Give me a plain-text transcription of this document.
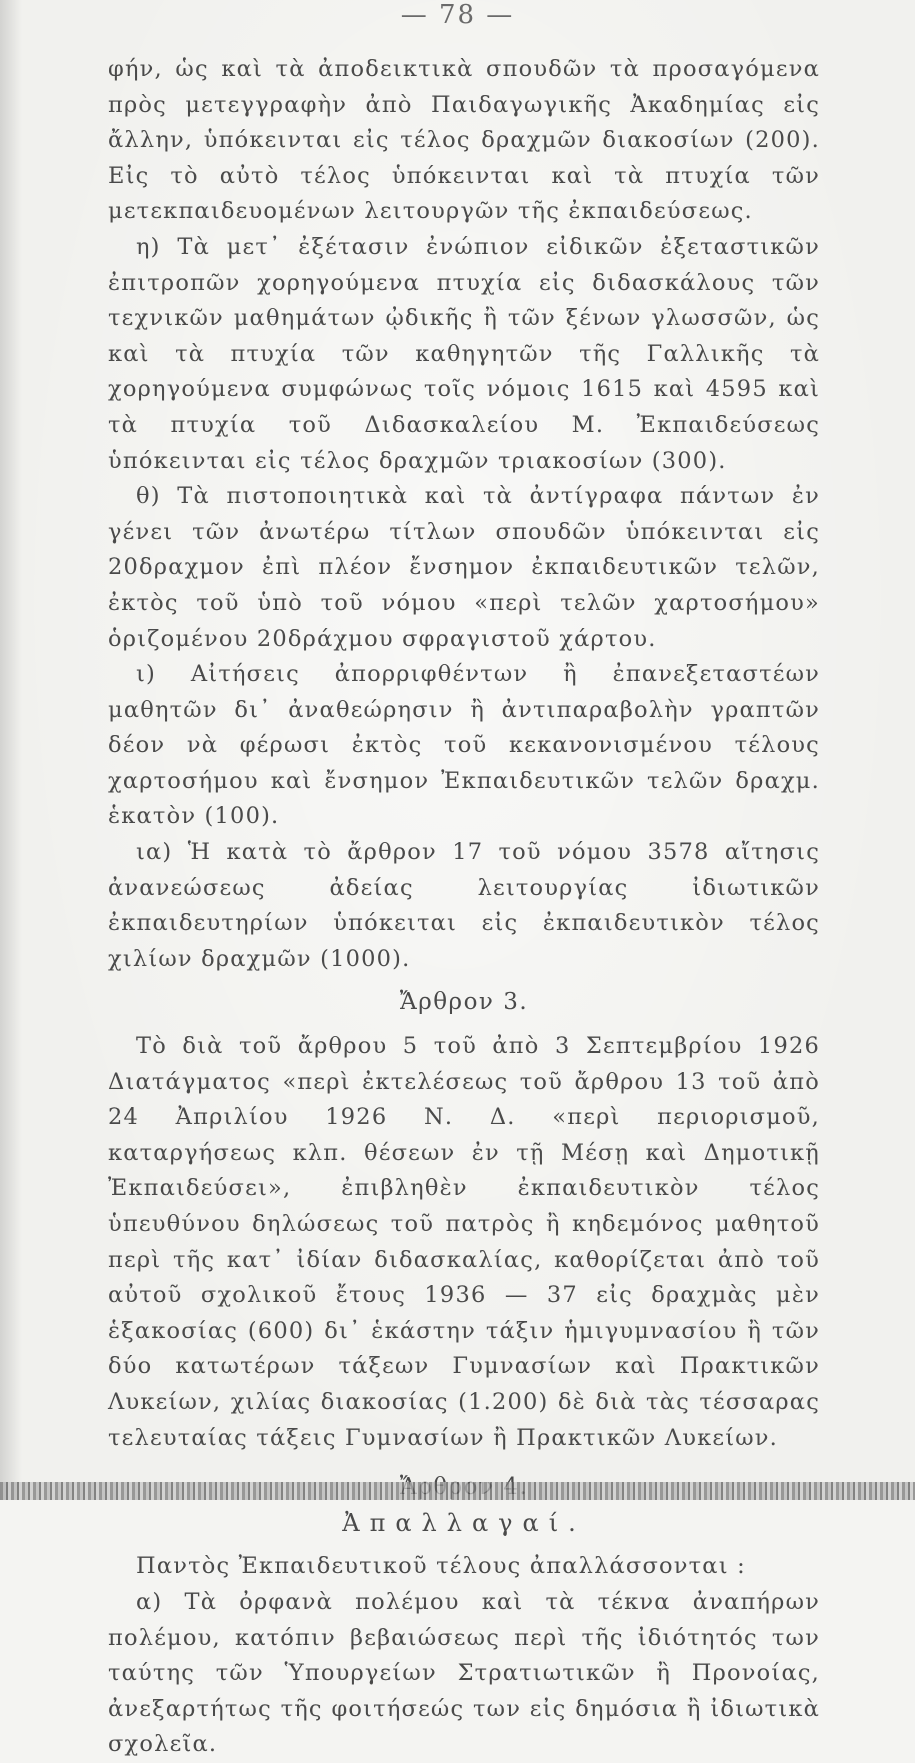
— 78 —

φήν, ὡς καὶ τὰ ἀποδεικτικὰ σπουδῶν τὰ προσαγόμενα πρὸς μετεγγραφὴν ἀπὸ Παιδαγωγικῆς Ἀκαδημίας εἰς ἄλλην, ὑπόκεινται εἰς τέλος δραχμῶν διακοσίων (200). Εἰς τὸ αὐτὸ τέλος ὑπόκεινται καὶ τὰ πτυχία τῶν μετεκπαιδευομένων λειτουργῶν τῆς ἐκπαιδεύσεως.

η) Τὰ μετ᾽ ἐξέτασιν ἐνώπιον εἰδικῶν ἐξεταστικῶν ἐπιτροπῶν χορηγούμενα πτυχία εἰς διδασκάλους τῶν τεχνικῶν μαθημάτων ᾠδικῆς ἢ τῶν ξένων γλωσσῶν, ὡς καὶ τὰ πτυχία τῶν καθηγητῶν τῆς Γαλλικῆς τὰ χορηγούμενα συμφώνως τοῖς νόμοις 1615 καὶ 4595 καὶ τὰ πτυχία τοῦ Διδασκαλείου Μ. Ἐκπαιδεύσεως ὑπόκεινται εἰς τέλος δραχμῶν τριακοσίων (300).

θ) Τὰ πιστοποιητικὰ καὶ τὰ ἀντίγραφα πάντων ἐν γένει τῶν ἀνωτέρω τίτλων σπουδῶν ὑπόκεινται εἰς 20δραχμον ἐπὶ πλέον ἔνσημον ἐκπαιδευτικῶν τελῶν, ἐκτὸς τοῦ ὑπὸ τοῦ νόμου «περὶ τελῶν χαρτοσήμου» ὁριζομένου 20δράχμου σφραγιστοῦ χάρτου.

ι) Αἰτήσεις ἀπορριφθέντων ἢ ἐπανεξεταστέων μαθητῶν δι᾽ ἀναθεώρησιν ἢ ἀντιπαραβολὴν γραπτῶν δέον νὰ φέρωσι ἐκτὸς τοῦ κεκανονισμένου τέλους χαρτοσήμου καὶ ἔνσημον Ἐκπαιδευτικῶν τελῶν δραχμ. ἑκατὸν (100).

ια) Ἡ κατὰ τὸ ἄρθρον 17 τοῦ νόμου 3578 αἴτησις ἀνανεώσεως ἀδείας λειτουργίας ἰδιωτικῶν ἐκπαιδευτηρίων ὑπόκειται εἰς ἐκπαιδευτικὸν τέλος χιλίων δραχμῶν (1000).

Ἄρθρον 3.

Τὸ διὰ τοῦ ἄρθρου 5 τοῦ ἀπὸ 3 Σεπτεμβρίου 1926 Διατάγματος «περὶ ἐκτελέσεως τοῦ ἄρθρου 13 τοῦ ἀπὸ 24 Ἀπριλίου 1926 Ν. Δ. «περὶ περιορισμοῦ, καταργήσεως κλπ. θέσεων ἐν τῇ Μέσῃ καὶ Δημοτικῇ Ἐκπαιδεύσει», ἐπιβληθὲν ἐκπαιδευτικὸν τέλος ὑπευθύνου δηλώσεως τοῦ πατρὸς ἢ κηδεμόνος μαθητοῦ περὶ τῆς κατ᾽ ἰδίαν διδασκαλίας, καθορίζεται ἀπὸ τοῦ αὐτοῦ σχολικοῦ ἔτους 1936 — 37 εἰς δραχμὰς μὲν ἑξακοσίας (600) δι᾽ ἑκάστην τάξιν ἡμιγυμνασίου ἢ τῶν δύο κατωτέρων τάξεων Γυμνασίων καὶ Πρακτικῶν Λυκείων, χιλίας διακοσίας (1.200) δὲ διὰ τὰς τέσσαρας τελευταίας τάξεις Γυμνασίων ἢ Πρακτικῶν Λυκείων.

Ἀπαλλαγαί.

Παντὸς Ἐκπαιδευτικοῦ τέλους ἀπαλλάσσονται :

α) Τὰ ὀρφανὰ πολέμου καὶ τὰ τέκνα ἀναπήρων πολέμου, κατόπιν βεβαιώσεως περὶ τῆς ἰδιότητός των ταύτης τῶν Ὑπουργείων Στρατιωτικῶν ἢ Προνοίας, ἀνεξαρτήτως τῆς φοιτήσεώς των εἰς δημόσια ἢ ἰδιωτικὰ σχολεῖα.
